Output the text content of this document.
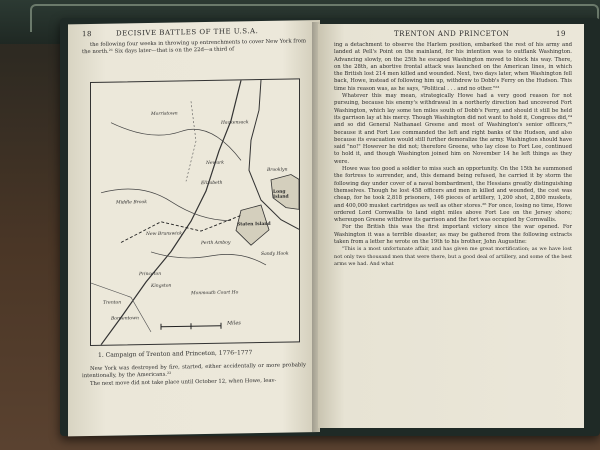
18	DECISIVE BATTLES OF THE U.S.A.

the following four weeks in throwing up entrenchments to cover New York from the north.²¹ Six days later—that is on the 22d—a third of

Morristown
Hackensack
Newark
Elizabeth
Brooklyn
Long Island
Staten Island
Perth Amboy
New Brunswick
Middle Brook
Princeton
Trenton
Bordentown
Monmouth Court Ho
Sandy Hook
Kingston
Miles
1. Campaign of Trenton and Princeton, 1776–1777

New York was destroyed by fire, started, either accidentally or more probably intentionally, by the Americans.²²

The next move did not take place until October 12, when Howe, leav-

TRENTON AND PRINCETON	19

ing a detachment to observe the Harlem position, embarked the rest of his army and landed at Pell's Point on the mainland, for his intention was to outflank Washington. Advancing slowly, on the 25th he escaped Washington moved to block his way. There, on the 28th, an abortive frontal attack was launched on the American lines, in which the British lost 214 men killed and wounded. Next, two days later, when Washington fell back, Howe, instead of following him up, withdrew to Dobb's Ferry on the Hudson. This time his reason was, as he says, "Political . . . and no other."²³

Whatever this may mean, strategically Howe had a very good reason for not pursuing, because his enemy's withdrawal in a northerly direction had uncovered Fort Washington, which lay some ten miles south of Dobb's Ferry, and should it still be held its garrison lay at his mercy. Though Washington did not want to hold it, Congress did,²⁴ and so did General Nathanael Greene and most of Washington's senior officers,²⁵ because it and Fort Lee commanded the left and right banks of the Hudson, and also because its evacuation would still further demoralize the army. Washington should have said "no!" However he did not; therefore Greene, who lay close to Fort Lee, continued to hold it, and though Washington joined him on November 14 he left things as they were.

Howe was too good a soldier to miss such an opportunity. On the 15th he summoned the fortress to surrender, and, this demand being refused, he carried it by storm the following day under cover of a naval bombardment, the Hessians greatly distinguishing themselves. Though he lost 458 officers and men in killed and wounded, the cost was cheap, for he took 2,818 prisoners, 146 pieces of artillery, 1,200 shot, 2,800 muskets, and 400,000 musket cartridges as well as other stores.²⁶ For once, losing no time, Howe ordered Lord Cornwallis to land eight miles above Fort Lee on the Jersey shore; whereupon Greene withdrew its garrison and the fort was occupied by Cornwallis.

For the British this was the first important victory since the war opened. For Washington it was a terrible disaster, as may be gathered from the following extracts taken from a letter he wrote on the 19th to his brother, John Augustine:

"This is a most unfortunate affair, and has given me great mortification; as we have lost not only two thousand men that were there, but a good deal of artillery, and some of the best arms we had. And what
